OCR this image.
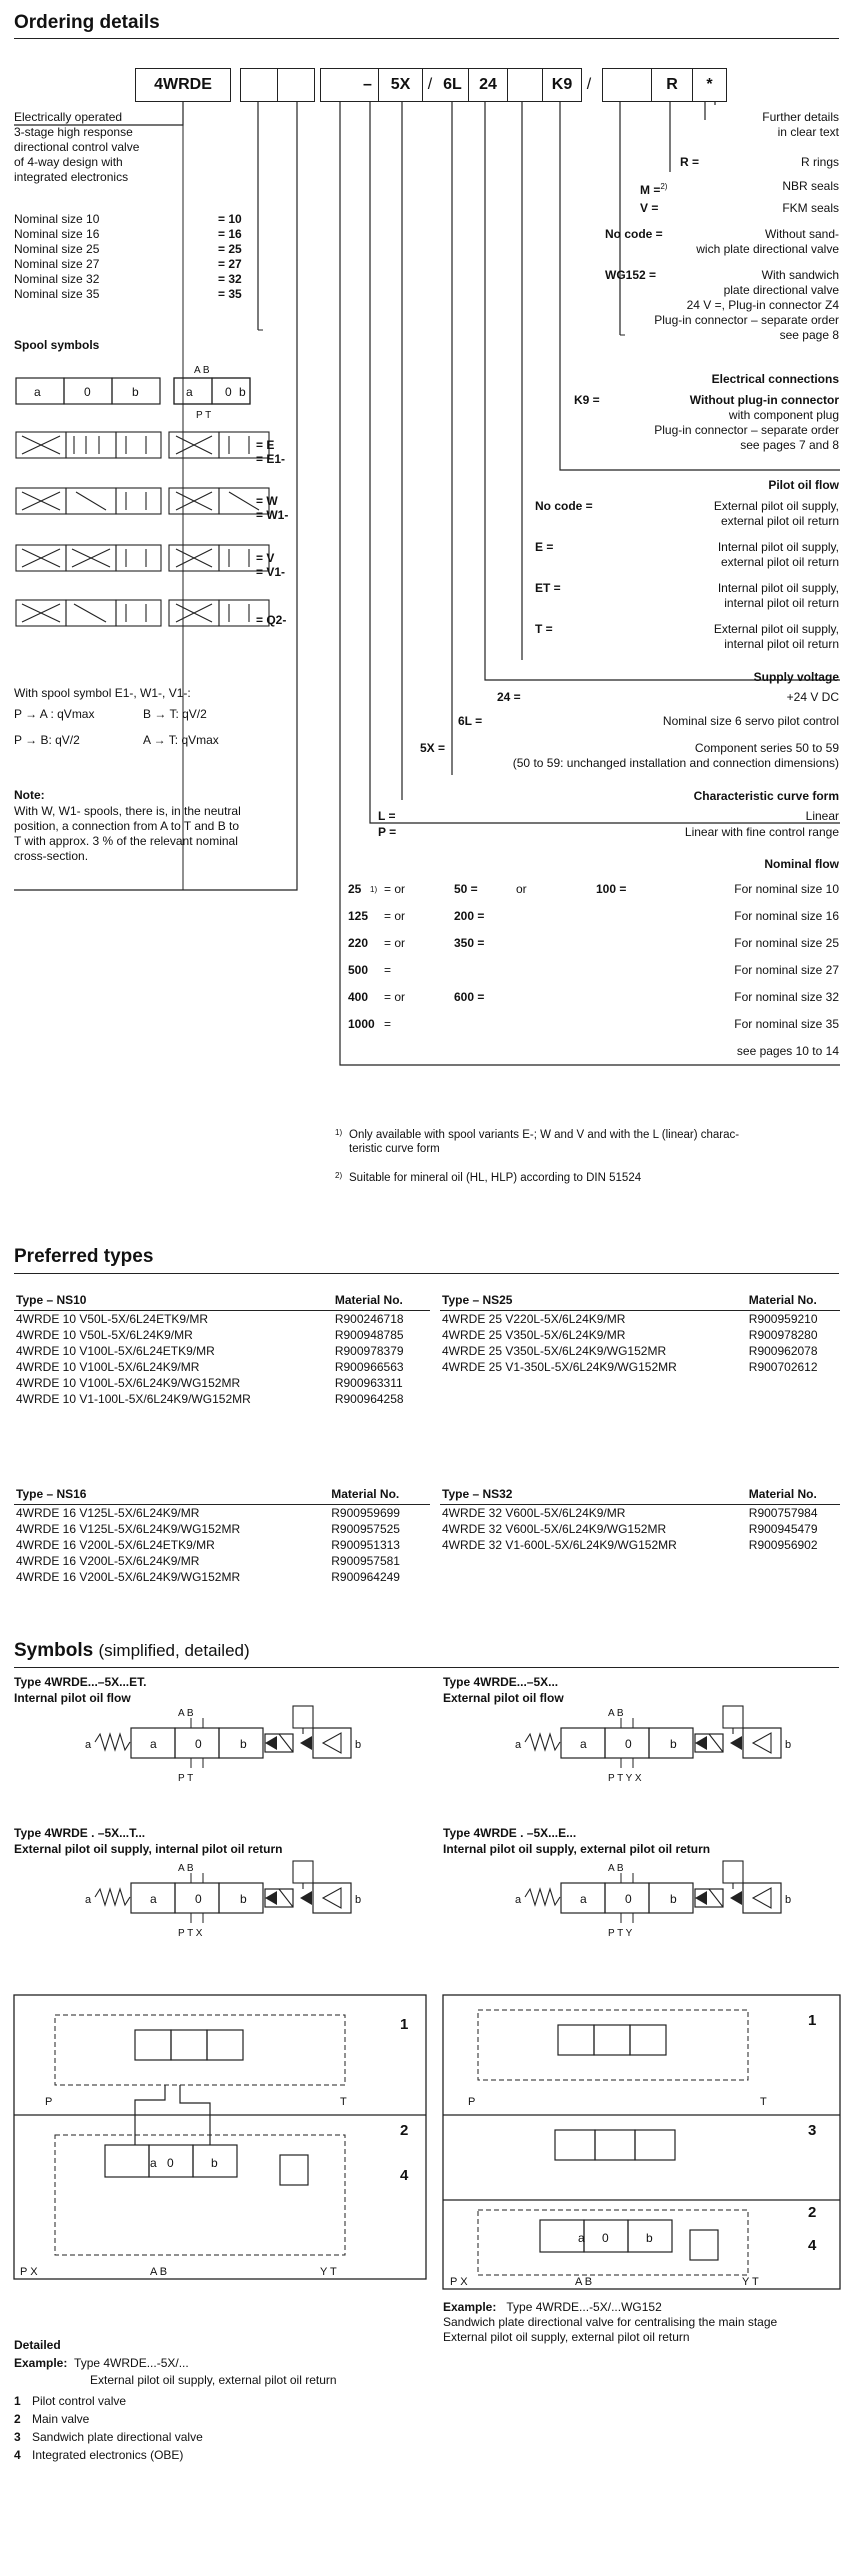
Ordering details
4WRDE	–	5X	/ 6L	24	K9 /	R	*
Electrically operated
3-stage high response
directional control valve
of 4-way design with
integrated electronics
Nominal size 10	= 10
Nominal size 16	= 16
Nominal size 25	= 25
Nominal size 27	= 27
Nominal size 32	= 32
Nominal size 35	= 35
Spool symbols
a	0	b	a	0 b
A B
P T
= E
= E1-
= W
= W1-
= V
= V1-
= Q2-
With spool symbol E1-, W1-, V1-:
P → A : qVmax	B → T: qV/2
P → B: qV/2	A → T: qVmax
Note:
With W, W1- spools, there is, in the neutral
position, a connection from A to T and B to
T with approx. 3 % of the relevant nominal
cross-section.
Further details
in clear text
R =	R rings
M =$^{2)}$	NBR seals
V =	FKM seals
No code =	Without sand-
wich plate directional valve
WG152 =	With sandwich
plate directional valve
24 V =, Plug-in connector Z4
Plug-in connector – separate order
see page 8
Electrical connections
K9 =	Without plug-in connector
with component plug
Plug-in connector – separate order
see pages 7 and 8
Pilot oil flow
No code =	External pilot oil supply,
external pilot oil return
E =	Internal pilot oil supply,
external pilot oil return
ET =	Internal pilot oil supply,
internal pilot oil return
T =	External pilot oil supply,
internal pilot oil return
Supply voltage
24 =	+24 V DC
6L =	Nominal size 6 servo pilot control
5X =	Component series 50 to 59
(50 to 59: unchanged installation and connection dimensions)
Characteristic curve form
L =	Linear
P =	Linear with fine control range
Nominal flow
25	1) = or	50 =	or	100 =	For nominal size 10
125	= or	200 =	For nominal size 16
220	= or	350 =	For nominal size 25
500	=	For nominal size 27
400	= or	600 =	For nominal size 32
1000 =	For nominal size 35
see pages 10 to 14
1) Only available with spool variants E-; W and V and with the L (linear) charac-
teristic curve form
2) Suitable for mineral oil (HL, HLP) according to DIN 51524
Preferred types
Type – NS10	Material No.
4WRDE 10 V50L-5X/6L24ETK9/MR	R900246718
4WRDE 10 V50L-5X/6L24K9/MR	R900948785
4WRDE 10 V100L-5X/6L24ETK9/MR	R900978379
4WRDE 10 V100L-5X/6L24K9/MR	R900966563
4WRDE 10 V100L-5X/6L24K9/WG152MR	R900963311
4WRDE 10 V1-100L-5X/6L24K9/WG152MR	R900964258
Type – NS25	Material No.
4WRDE 25 V220L-5X/6L24K9/MR	R900959210
4WRDE 25 V350L-5X/6L24K9/MR	R900978280
4WRDE 25 V350L-5X/6L24K9/WG152MR	R900962078
4WRDE 25 V1-350L-5X/6L24K9/WG152MR	R900702612
Type – NS16	Material No.
4WRDE 16 V125L-5X/6L24K9/MR	R900959699
4WRDE 16 V125L-5X/6L24K9/WG152MR	R900957525
4WRDE 16 V200L-5X/6L24ETK9/MR	R900951313
4WRDE 16 V200L-5X/6L24K9/MR	R900957581
4WRDE 16 V200L-5X/6L24K9/WG152MR	R900964249
Type – NS32	Material No.
4WRDE 32 V600L-5X/6L24K9/MR	R900757984
4WRDE 32 V600L-5X/6L24K9/WG152MR	R900945479
4WRDE 32 V1-600L-5X/6L24K9/WG152MR	R900956902
Symbols (simplified, detailed)
Type 4WRDE...–5X...ET.
Internal pilot oil flow
Type 4WRDE...–5X...
External pilot oil flow
Type 4WRDE . –5X...T...
External pilot oil supply, internal pilot oil return
Type 4WRDE . –5X...E...
Internal pilot oil supply, external pilot oil return
a	0	b	a	0	b
a	0	b	a	0	b
A B
P T
A B
P T Y X
A B
P T X
A B
P T Y
a	b	a	b
a	b	a	b
a 0	b
a 0	b
1
2
4
1
3
2
4
P	T
P X	A B	Y T
P	T
P X	A B	Y T
Detailed
Example: Type 4WRDE...-5X/...
External pilot oil supply, external pilot oil return
1 Pilot control valve
2 Main valve
3 Sandwich plate directional valve
4 Integrated electronics (OBE)
Example: Type 4WRDE...-5X/...WG152
Sandwich plate directional valve for centralising the main stage
External pilot oil supply, external pilot oil return
